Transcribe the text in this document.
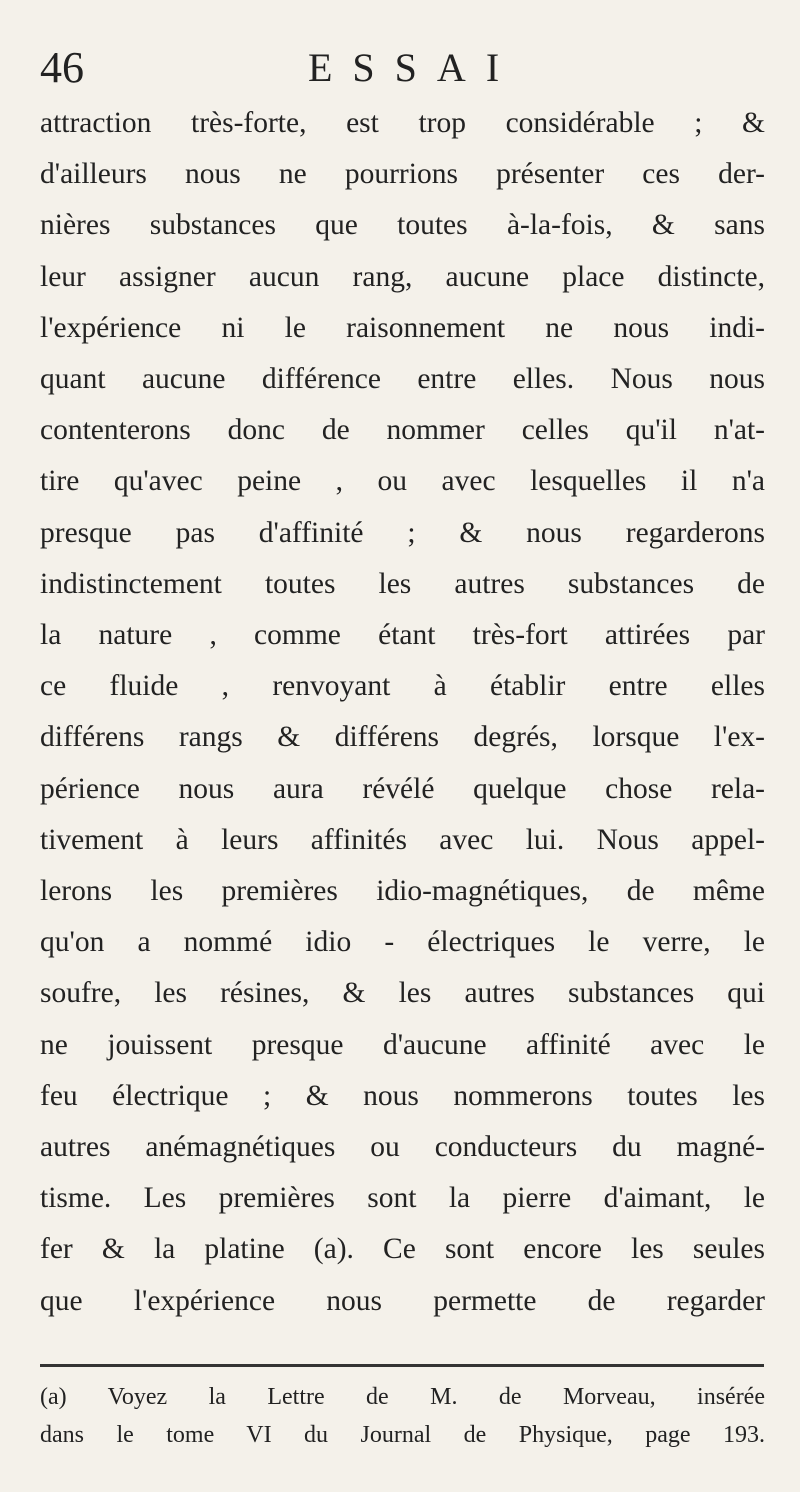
46	ESSAI
attraction très-forte, est trop considérable ; &
d'ailleurs nous ne pourrions présenter ces der-
nières substances que toutes à-la-fois, & sans
leur assigner aucun rang, aucune place distincte,
l'expérience ni le raisonnement ne nous indi-
quant aucune différence entre elles. Nous nous
contenterons donc de nommer celles qu'il n'at-
tire qu'avec peine , ou avec lesquelles il n'a
presque pas d'affinité ; & nous regarderons
indistinctement toutes les autres substances de
la nature , comme étant très-fort attirées par
ce fluide , renvoyant à établir entre elles
différens rangs & différens degrés, lorsque l'ex-
périence nous aura révélé quelque chose rela-
tivement à leurs affinités avec lui. Nous appel-
lerons les premières idio-magnétiques, de même
qu'on a nommé idio - électriques le verre, le
soufre, les résines, & les autres substances qui
ne jouissent presque d'aucune affinité avec le
feu électrique ; & nous nommerons toutes les
autres anémagnétiques ou conducteurs du magné-
tisme. Les premières sont la pierre d'aimant, le
fer & la platine (a). Ce sont encore les seules
que l'expérience nous permette de regarder
(a) Voyez la Lettre de M. de Morveau, insérée
dans le tome VI du Journal de Physique, page 193.
